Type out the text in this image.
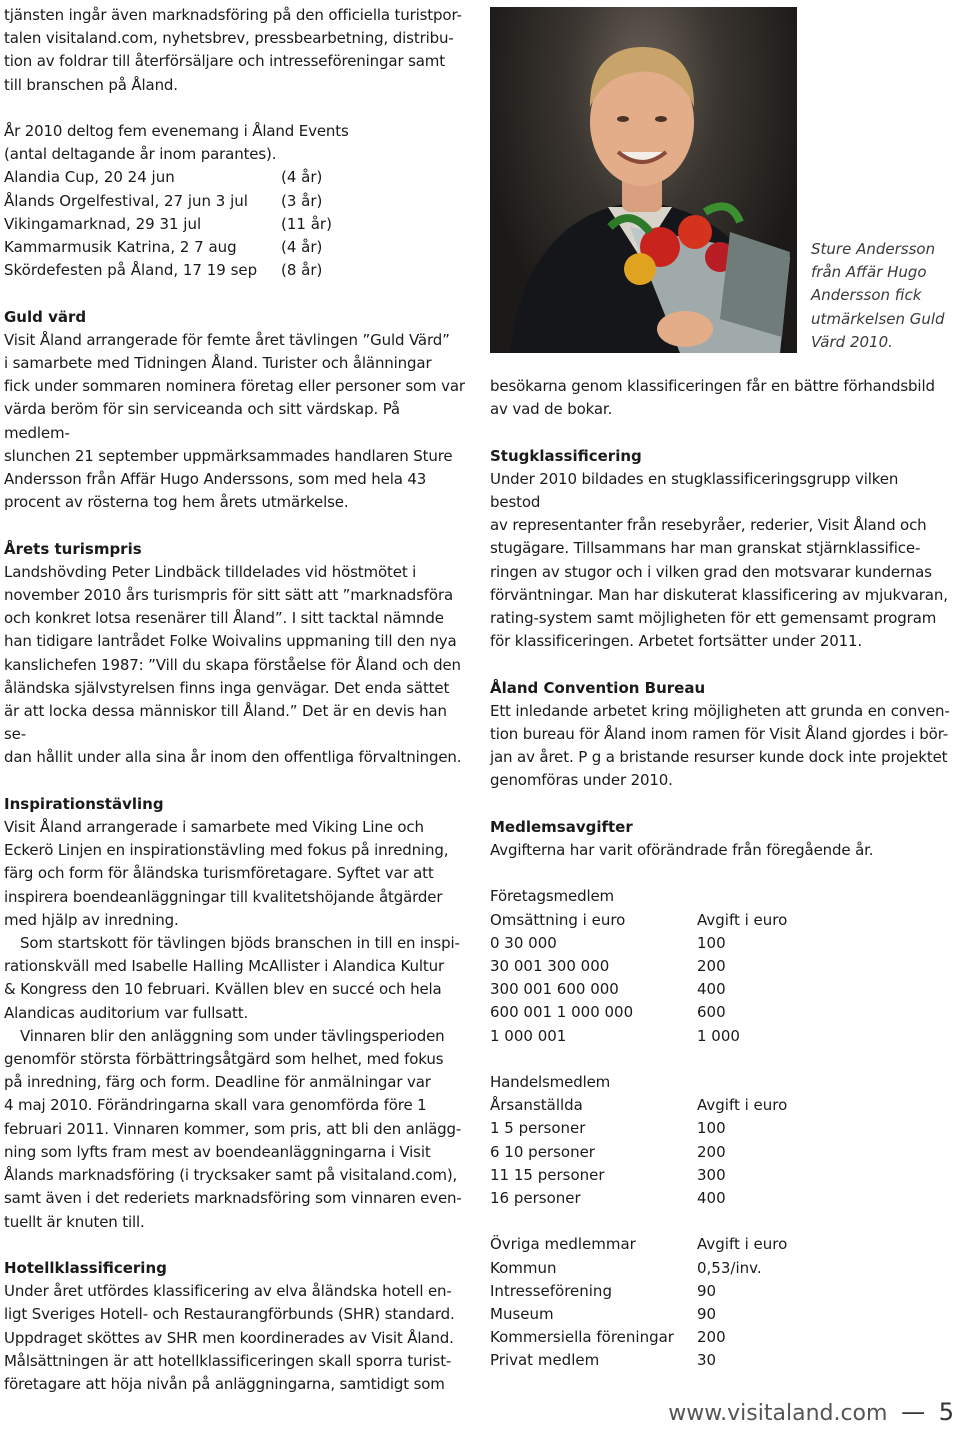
tjänsten ingår även marknadsföring på den officiella turistpor-

talen visitaland.com, nyhetsbrev, pressbearbetning, distribu-

tion av foldrar till återförsäljare och intresseföreningar samt

till branschen på Åland.

År 2010 deltog fem evenemang i Åland Events

(antal deltagande år inom parantes).

Alandia Cup, 20 24 jun	(4 år)
Ålands Orgelfestival, 27 jun 3 jul	(3 år)
Vikingamarknad, 29 31 jul	(11 år)
Kammarmusik Katrina, 2 7 aug	(4 år)
Skördefesten på Åland, 17 19 sep	(8 år)
Guld värd

Visit Åland arrangerade för femte året tävlingen ”Guld Värd”

i samarbete med Tidningen Åland. Turister och ålänningar

fick under sommaren nominera företag eller personer som var

värda beröm för sin serviceanda och sitt värdskap. På medlem-

slunchen 21 september uppmärksammades handlaren Sture

Andersson från Affär Hugo Anderssons, som med hela 43

procent av rösterna tog hem årets utmärkelse.

Årets turismpris

Landshövding Peter Lindbäck tilldelades vid höstmötet i

november 2010 års turismpris för sitt sätt att ”marknadsföra

och konkret lotsa resenärer till Åland”. I sitt tacktal nämnde

han tidigare lantrådet Folke Woivalins uppmaning till den nya

kanslichefen 1987: ”Vill du skapa förståelse för Åland och den

åländska självstyrelsen finns inga genvägar. Det enda sättet

är att locka dessa människor till Åland.” Det är en devis han se-

dan hållit under alla sina år inom den offentliga förvaltningen.

Inspirationstävling

Visit Åland arrangerade i samarbete med Viking Line och

Eckerö Linjen en inspirationstävling med fokus på inredning,

färg och form för åländska turismföretagare. Syftet var att

inspirera boendeanläggningar till kvalitetshöjande åtgärder

med hjälp av inredning.

Som startskott för tävlingen bjöds branschen in till en inspi-

rationskväll med Isabelle Halling McAllister i Alandica Kultur

& Kongress den 10 februari. Kvällen blev en succé och hela

Alandicas auditorium var fullsatt.

Vinnaren blir den anläggning som under tävlingsperioden

genomför största förbättringsåtgärd som helhet, med fokus

på inredning, färg och form. Deadline för anmälningar var

4 maj 2010. Förändringarna skall vara genomförda före 1

februari 2011. Vinnaren kommer, som pris, att bli den anlägg-

ning som lyfts fram mest av boendeanläggningarna i Visit

Ålands marknadsföring (i trycksaker samt på visitaland.com),

samt även i det rederiets marknadsföring som vinnaren even-

tuellt är knuten till.

Hotellklassificering

Under året utfördes klassificering av elva åländska hotell en-

ligt Sveriges Hotell- och Restaurangförbunds (SHR) standard.

Uppdraget sköttes av SHR men koordinerades av Visit Åland.

Målsättningen är att hotellklassificeringen skall sporra turist-

företagare att höja nivån på anläggningarna, samtidigt som

Sture Andersson
från Affär Hugo
Andersson fick
utmärkelsen Guld
Värd 2010.

besökarna genom klassificeringen får en bättre förhandsbild

av vad de bokar.

Stugklassificering

Under 2010 bildades en stugklassificeringsgrupp vilken bestod

av representanter från resebyråer, rederier, Visit Åland och

stugägare. Tillsammans har man granskat stjärnklassifice-

ringen av stugor och i vilken grad den motsvarar kundernas

förväntningar. Man har diskuterat klassificering av mjukvaran,

rating-system samt möjligheten för ett gemensamt program

för klassificeringen. Arbetet fortsätter under 2011.

Åland Convention Bureau

Ett inledande arbetet kring möjligheten att grunda en conven-

tion bureau för Åland inom ramen för Visit Åland gjordes i bör-

jan av året. P g a bristande resurser kunde dock inte projektet

genomföras under 2010.

Medlemsavgifter

Avgifterna har varit oförändrade från föregående år.

Företagsmedlem

Omsättning i euro	Avgift i euro
0 30 000	100
30 001 300 000	200
300 001 600 000	400
600 001 1 000 000	600
1 000 001	1 000

Handelsmedlem

Årsanställda	Avgift i euro
1 5 personer	100
6 10 personer	200
11 15 personer	300
16 personer	400
Övriga medlemmar	Avgift i euro
Kommun	0,53/inv.
Intresseförening	90
Museum	90
Kommersiella föreningar	200
Privat medlem	30
www.visitaland.com — 5
